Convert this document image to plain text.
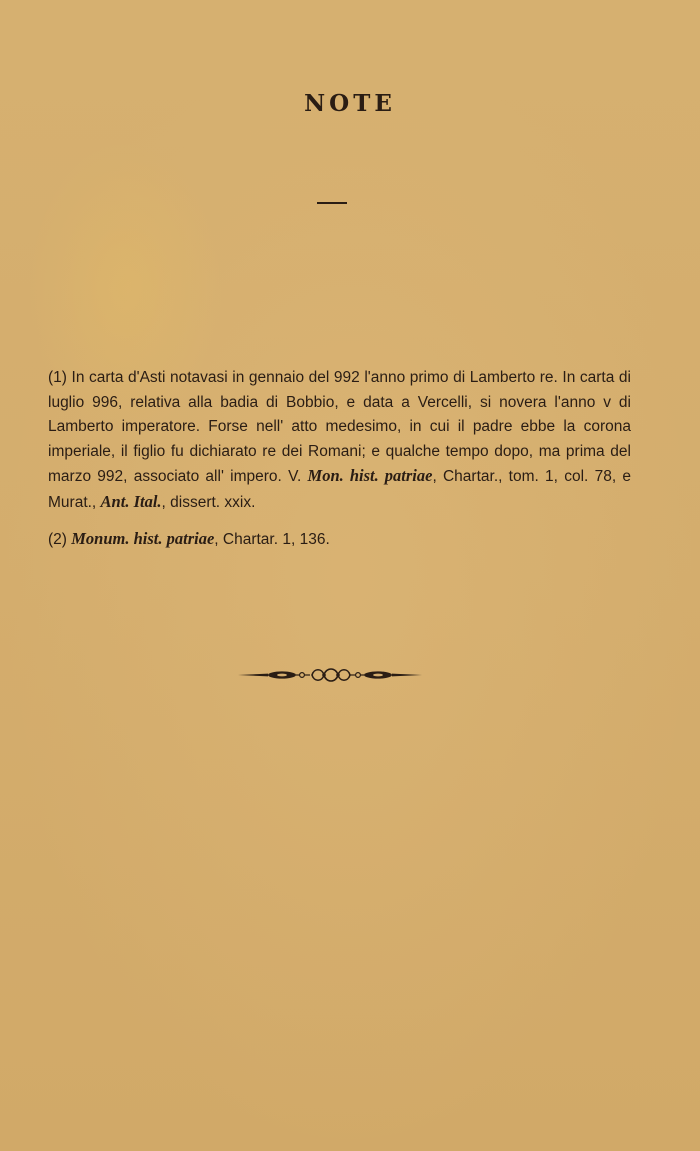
NOTE

(1) In carta d'Asti notavasi in gennaio del 992 l'anno primo di Lamberto re. In carta di luglio 996, relativa alla badia di Bobbio, e data a Vercelli, si novera l'anno v di Lamberto imperatore. Forse nell' atto medesimo, in cui il padre ebbe la corona imperiale, il figlio fu dichiarato re dei Romani; e qualche tempo dopo, ma prima del marzo 992, associato all' impero. V. Mon. hist. patriae, Chartar., tom. 1, col. 78, e Murat., Ant. Ital., dissert. xxix.

(2) Monum. hist. patriae, Chartar. 1, 136.
